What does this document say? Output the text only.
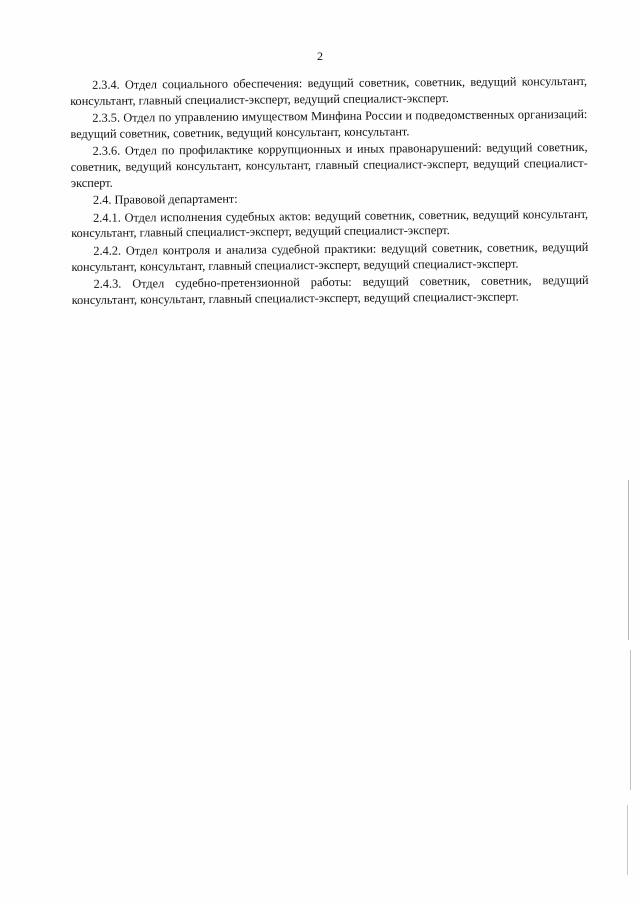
2

2.3.4. Отдел социального обеспечения: ведущий советник, советник, ведущий консультант, консультант, главный специалист-эксперт, ведущий специалист-эксперт.

2.3.5. Отдел по управлению имуществом Минфина России и подведомственных организаций: ведущий советник, советник, ведущий консультант, консультант.

2.3.6. Отдел по профилактике коррупционных и иных правонарушений: ведущий советник, советник, ведущий консультант, консультант, главный специалист-эксперт, ведущий специалист-эксперт.

2.4. Правовой департамент:

2.4.1. Отдел исполнения судебных актов: ведущий советник, советник, ведущий консультант, консультант, главный специалист-эксперт, ведущий специалист-эксперт.

2.4.2. Отдел контроля и анализа судебной практики: ведущий советник, советник, ведущий консультант, консультант, главный специалист-эксперт, ведущий специалист-эксперт.

2.4.3. Отдел судебно-претензионной работы: ведущий советник, советник, ведущий консультант, консультант, главный специалист-эксперт, ведущий специалист-эксперт.
